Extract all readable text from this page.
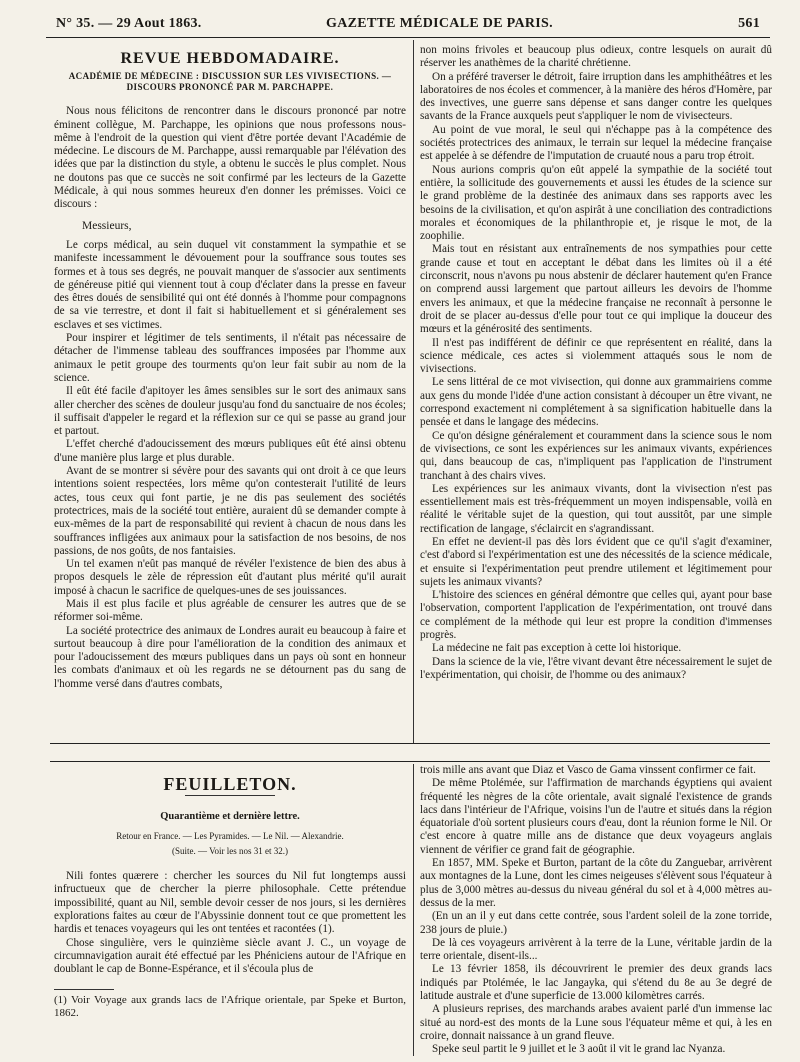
N° 35. — 29 Aout 1863.	GAZETTE MÉDICALE DE PARIS.	561
REVUE HEBDOMADAIRE.
ACADÉMIE DE MÉDECINE : DISCUSSION SUR LES VIVISECTIONS. —
DISCOURS PRONONCÉ PAR M. PARCHAPPE.

Nous nous félicitons de rencontrer dans le discours prononcé par notre éminent collègue, M. Parchappe, les opinions que nous professons nous-même à l'endroit de la question qui vient d'être portée devant l'Académie de médecine. Le discours de M. Parchappe, aussi remarquable par l'élévation des idées que par la distinction du style, a obtenu le succès le plus complet. Nous ne doutons pas que ce succès ne soit confirmé par les lecteurs de la Gazette Médicale, à qui nous sommes heureux d'en donner les prémisses. Voici ce discours :

Messieurs,

Le corps médical, au sein duquel vit constamment la sympathie et se manifeste incessamment le dévouement pour la souffrance sous toutes ses formes et à tous ses degrés, ne pouvait manquer de s'associer aux sentiments de généreuse pitié qui viennent tout à coup d'éclater dans la presse en faveur des êtres doués de sensibilité qui ont été donnés à l'homme pour compagnons de sa vie terrestre, et dont il fait si habituellement et si généralement ses esclaves et ses victimes.

Pour inspirer et légitimer de tels sentiments, il n'était pas nécessaire de détacher de l'immense tableau des souffrances imposées par l'homme aux animaux le petit groupe des tourments qu'on leur fait subir au nom de la science.

Il eût été facile d'apitoyer les âmes sensibles sur le sort des animaux sans aller chercher des scènes de douleur jusqu'au fond du sanctuaire de nos écoles; il suffisait d'appeler le regard et la réflexion sur ce qui se passe au grand jour et partout.

L'effet cherché d'adoucissement des mœurs publiques eût été ainsi obtenu d'une manière plus large et plus durable.

Avant de se montrer si sévère pour des savants qui ont droit à ce que leurs intentions soient respectées, lors même qu'on contesterait l'utilité de leurs actes, tous ceux qui font partie, je ne dis pas seulement des sociétés protectrices, mais de la société tout entière, auraient dû se demander compte à eux-mêmes de la part de responsabilité qui revient à chacun de nous dans les souffrances infligées aux animaux pour la satisfaction de nos besoins, de nos passions, de nos goûts, de nos fantaisies.

Un tel examen n'eût pas manqué de révéler l'existence de bien des abus à propos desquels le zèle de répression eût d'autant plus mérité qu'il aurait imposé à chacun le sacrifice de quelques-unes de ses jouissances.

Mais il est plus facile et plus agréable de censurer les autres que de se réformer soi-même.

La société protectrice des animaux de Londres aurait eu beaucoup à faire et surtout beaucoup à dire pour l'amélioration de la condition des animaux et pour l'adoucissement des mœurs publiques dans un pays où sont en honneur les combats d'animaux et où les regards ne se détournent pas du sang de l'homme versé dans d'autres combats,

non moins frivoles et beaucoup plus odieux, contre lesquels on aurait dû réserver les anathèmes de la charité chrétienne.

On a préféré traverser le détroit, faire irruption dans les amphithéâtres et les laboratoires de nos écoles et commencer, à la manière des héros d'Homère, par des invectives, une guerre sans dépense et sans danger contre les quelques savants de la France auxquels peut s'appliquer le nom de vivisecteurs.

Au point de vue moral, le seul qui n'échappe pas à la compétence des sociétés protectrices des animaux, le terrain sur lequel la médecine française est appelée à se défendre de l'imputation de cruauté nous a paru trop étroit.

Nous aurions compris qu'on eût appelé la sympathie de la société tout entière, la sollicitude des gouvernements et aussi les études de la science sur le grand problème de la destinée des animaux dans ses rapports avec les besoins de la civilisation, et qu'on aspirât à une conciliation des contradictions morales et économiques de la philanthropie et, je risque le mot, de la zoophilie.

Mais tout en résistant aux entraînements de nos sympathies pour cette grande cause et tout en acceptant le débat dans les limites où il a été circonscrit, nous n'avons pu nous abstenir de déclarer hautement qu'en France on comprend aussi largement que partout ailleurs les devoirs de l'homme envers les animaux, et que la médecine française ne reconnaît à personne le droit de se placer au-dessus d'elle pour tout ce qui implique la douceur des mœurs et la générosité des sentiments.

Il n'est pas indifférent de définir ce que représentent en réalité, dans la science médicale, ces actes si violemment attaqués sous le nom de vivisections.

Le sens littéral de ce mot vivisection, qui donne aux grammairiens comme aux gens du monde l'idée d'une action consistant à découper un être vivant, ne correspond exactement ni complétement à sa signification habituelle dans la pensée et dans le langage des médecins.

Ce qu'on désigne généralement et couramment dans la science sous le nom de vivisections, ce sont les expériences sur les animaux vivants, expériences qui, dans beaucoup de cas, n'impliquent pas l'application de l'instrument tranchant à des chairs vives.

Les expériences sur les animaux vivants, dont la vivisection n'est pas essentiellement mais est très-fréquemment un moyen indispensable, voilà en réalité le véritable sujet de la question, qui tout aussitôt, par une simple rectification de langage, s'éclaircit en s'agrandissant.

En effet ne devient-il pas dès lors évident que ce qu'il s'agit d'examiner, c'est d'abord si l'expérimentation est une des nécessités de la science médicale, et ensuite si l'expérimentation peut prendre utilement et légitimement pour sujets les animaux vivants?

L'histoire des sciences en général démontre que celles qui, ayant pour base l'observation, comportent l'application de l'expérimentation, ont trouvé dans ce complément de la méthode qui leur est propre la condition d'immenses progrès.

La médecine ne fait pas exception à cette loi historique.

Dans la science de la vie, l'être vivant devant être nécessairement le sujet de l'expérimentation, qui choisir, de l'homme ou des animaux?

FEUILLETON.
Quarantième et dernière lettre.
Retour en France. — Les Pyramides. — Le Nil. — Alexandrie.
(Suite. — Voir les nos 31 et 32.)

Nili fontes quærere : chercher les sources du Nil fut longtemps aussi infructueux que de chercher la pierre philosophale. Cette prétendue impossibilité, quant au Nil, semble devoir cesser de nos jours, si les dernières explorations faites au cœur de l'Abyssinie donnent tout ce que promettent les hardis et tenaces voyageurs qui les ont tentées et racontées (1).

Chose singulière, vers le quinzième siècle avant J. C., un voyage de circumnavigation aurait été effectué par les Phéniciens autour de l'Afrique en doublant le cap de Bonne-Espérance, et il s'écoula plus de

(1) Voir Voyage aux grands lacs de l'Afrique orientale, par Speke et Burton, 1862.

trois mille ans avant que Diaz et Vasco de Gama vinssent confirmer ce fait.

De même Ptolémée, sur l'affirmation de marchands égyptiens qui avaient fréquenté les nègres de la côte orientale, avait signalé l'existence de grands lacs dans l'intérieur de l'Afrique, voisins l'un de l'autre et situés dans la région équatoriale d'où sortent plusieurs cours d'eau, dont la réunion forme le Nil. Or c'est encore à quatre mille ans de distance que deux voyageurs anglais viennent de vérifier ce grand fait de géographie.

En 1857, MM. Speke et Burton, partant de la côte du Zanguebar, arrivèrent aux montagnes de la Lune, dont les cimes neigeuses s'élèvent sous l'équateur à plus de 3,000 mètres au-dessus du niveau général du sol et à 4,000 mètres au-dessus de la mer.

(En un an il y eut dans cette contrée, sous l'ardent soleil de la zone torride, 238 jours de pluie.)

De là ces voyageurs arrivèrent à la terre de la Lune, véritable jardin de la terre orientale, disent-ils...

Le 13 février 1858, ils découvrirent le premier des deux grands lacs indiqués par Ptolémée, le lac Jangayka, qui s'étend du 8e au 3e degré de latitude australe et d'une superficie de 13.000 kilomètres carrés.

A plusieurs reprises, des marchands arabes avaient parlé d'un immense lac situé au nord-est des monts de la Lune sous l'équateur même et qui, à les en croire, donnait naissance à un grand fleuve.

Speke seul partit le 9 juillet et le 3 août il vit le grand lac Nyanza.
